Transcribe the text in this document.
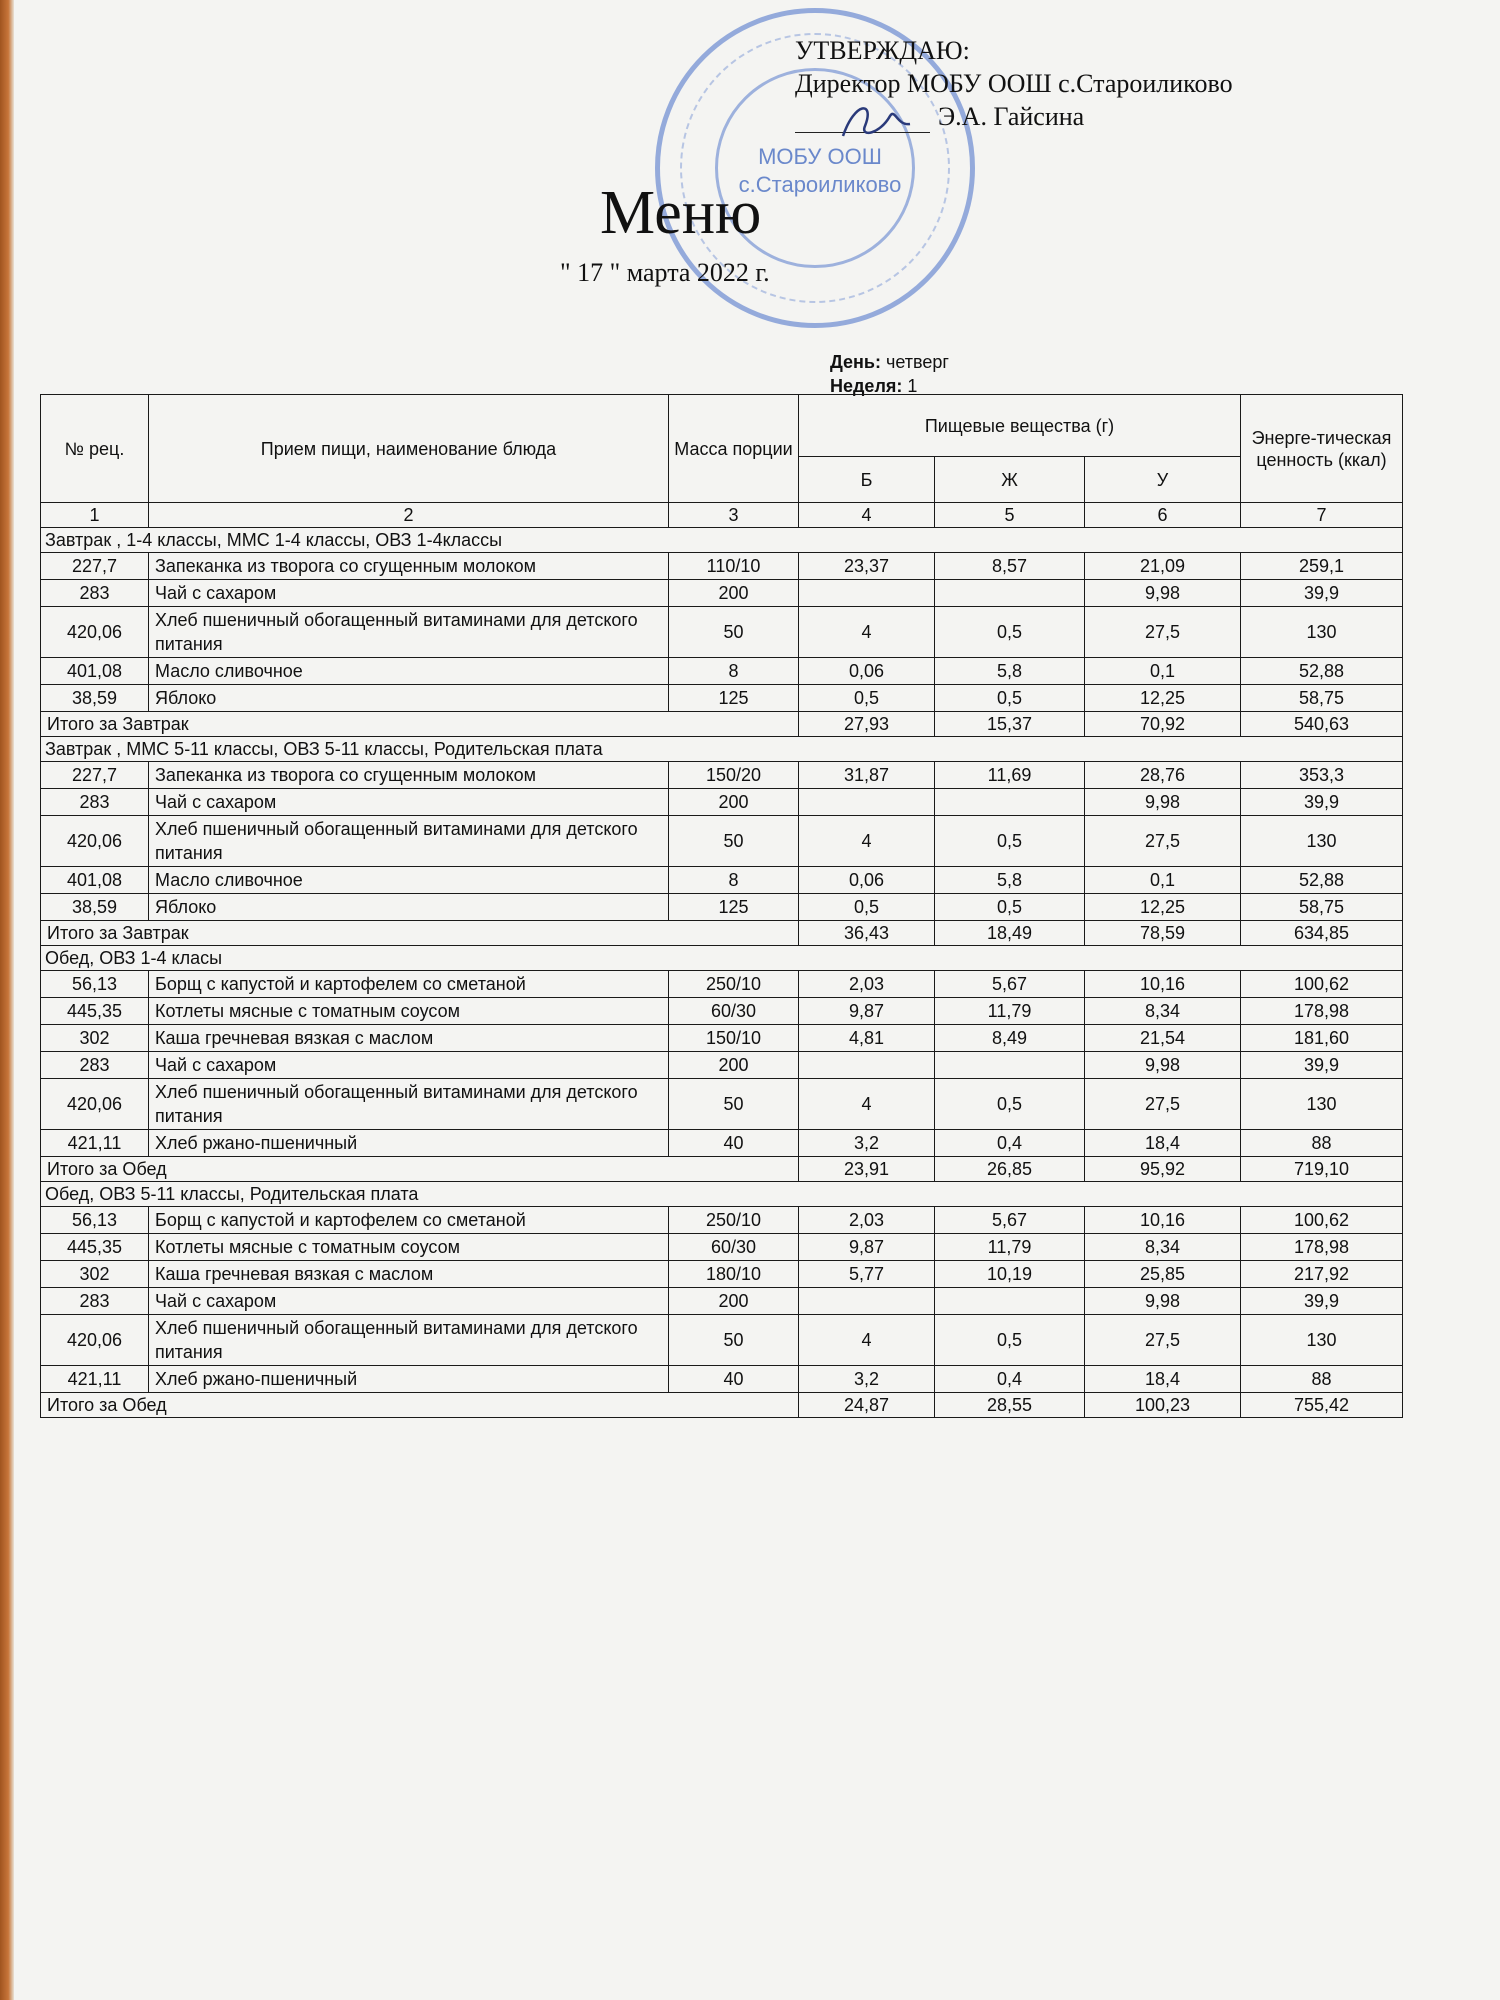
МОБУ ООШ
с.Староиликово
УТВЕРЖДАЮ:
Директор МОБУ ООШ с.Староиликово
Э.А. Гайсина
Меню
" 17 " марта 2022 г.
День: четверг
Неделя: 1
№ рец.	Прием пищи, наименование блюда	Масса порции	Пищевые вещества (г)			Энерге-тическая ценность (ккал)
			Б	Ж	У	
1	2	3	4	5	6	7
Завтрак , 1-4 классы, ММС 1-4 классы, ОВЗ 1-4классы						
227,7	Запеканка из творога со сгущенным молоком	110/10	23,37	8,57	21,09	259,1
283	Чай с сахаром	200			9,98	39,9
420,06	Хлеб пшеничный обогащенный витаминами для детского питания	50	4	0,5	27,5	130
401,08	Масло сливочное	8	0,06	5,8	0,1	52,88
38,59	Яблоко	125	0,5	0,5	12,25	58,75
Итого за Завтрак			27,93	15,37	70,92	540,63
Завтрак , ММС 5-11 классы, ОВЗ 5-11 классы, Родительская плата						
227,7	Запеканка из творога со сгущенным молоком	150/20	31,87	11,69	28,76	353,3
283	Чай с сахаром	200			9,98	39,9
420,06	Хлеб пшеничный обогащенный витаминами для детского питания	50	4	0,5	27,5	130
401,08	Масло сливочное	8	0,06	5,8	0,1	52,88
38,59	Яблоко	125	0,5	0,5	12,25	58,75
Итого за Завтрак			36,43	18,49	78,59	634,85
Обед, ОВЗ 1-4 класы						
56,13	Борщ с капустой и картофелем со сметаной	250/10	2,03	5,67	10,16	100,62
445,35	Котлеты мясные с томатным соусом	60/30	9,87	11,79	8,34	178,98
302	Каша гречневая вязкая с маслом	150/10	4,81	8,49	21,54	181,60
283	Чай с сахаром	200			9,98	39,9
420,06	Хлеб пшеничный обогащенный витаминами для детского питания	50	4	0,5	27,5	130
421,11	Хлеб ржано-пшеничный	40	3,2	0,4	18,4	88
Итого за Обед			23,91	26,85	95,92	719,10
Обед, ОВЗ 5-11 классы, Родительская плата						
56,13	Борщ с капустой и картофелем со сметаной	250/10	2,03	5,67	10,16	100,62
445,35	Котлеты мясные с томатным соусом	60/30	9,87	11,79	8,34	178,98
302	Каша гречневая вязкая с маслом	180/10	5,77	10,19	25,85	217,92
283	Чай с сахаром	200			9,98	39,9
420,06	Хлеб пшеничный обогащенный витаминами для детского питания	50	4	0,5	27,5	130
421,11	Хлеб ржано-пшеничный	40	3,2	0,4	18,4	88
Итого за Обед			24,87	28,55	100,23	755,42
